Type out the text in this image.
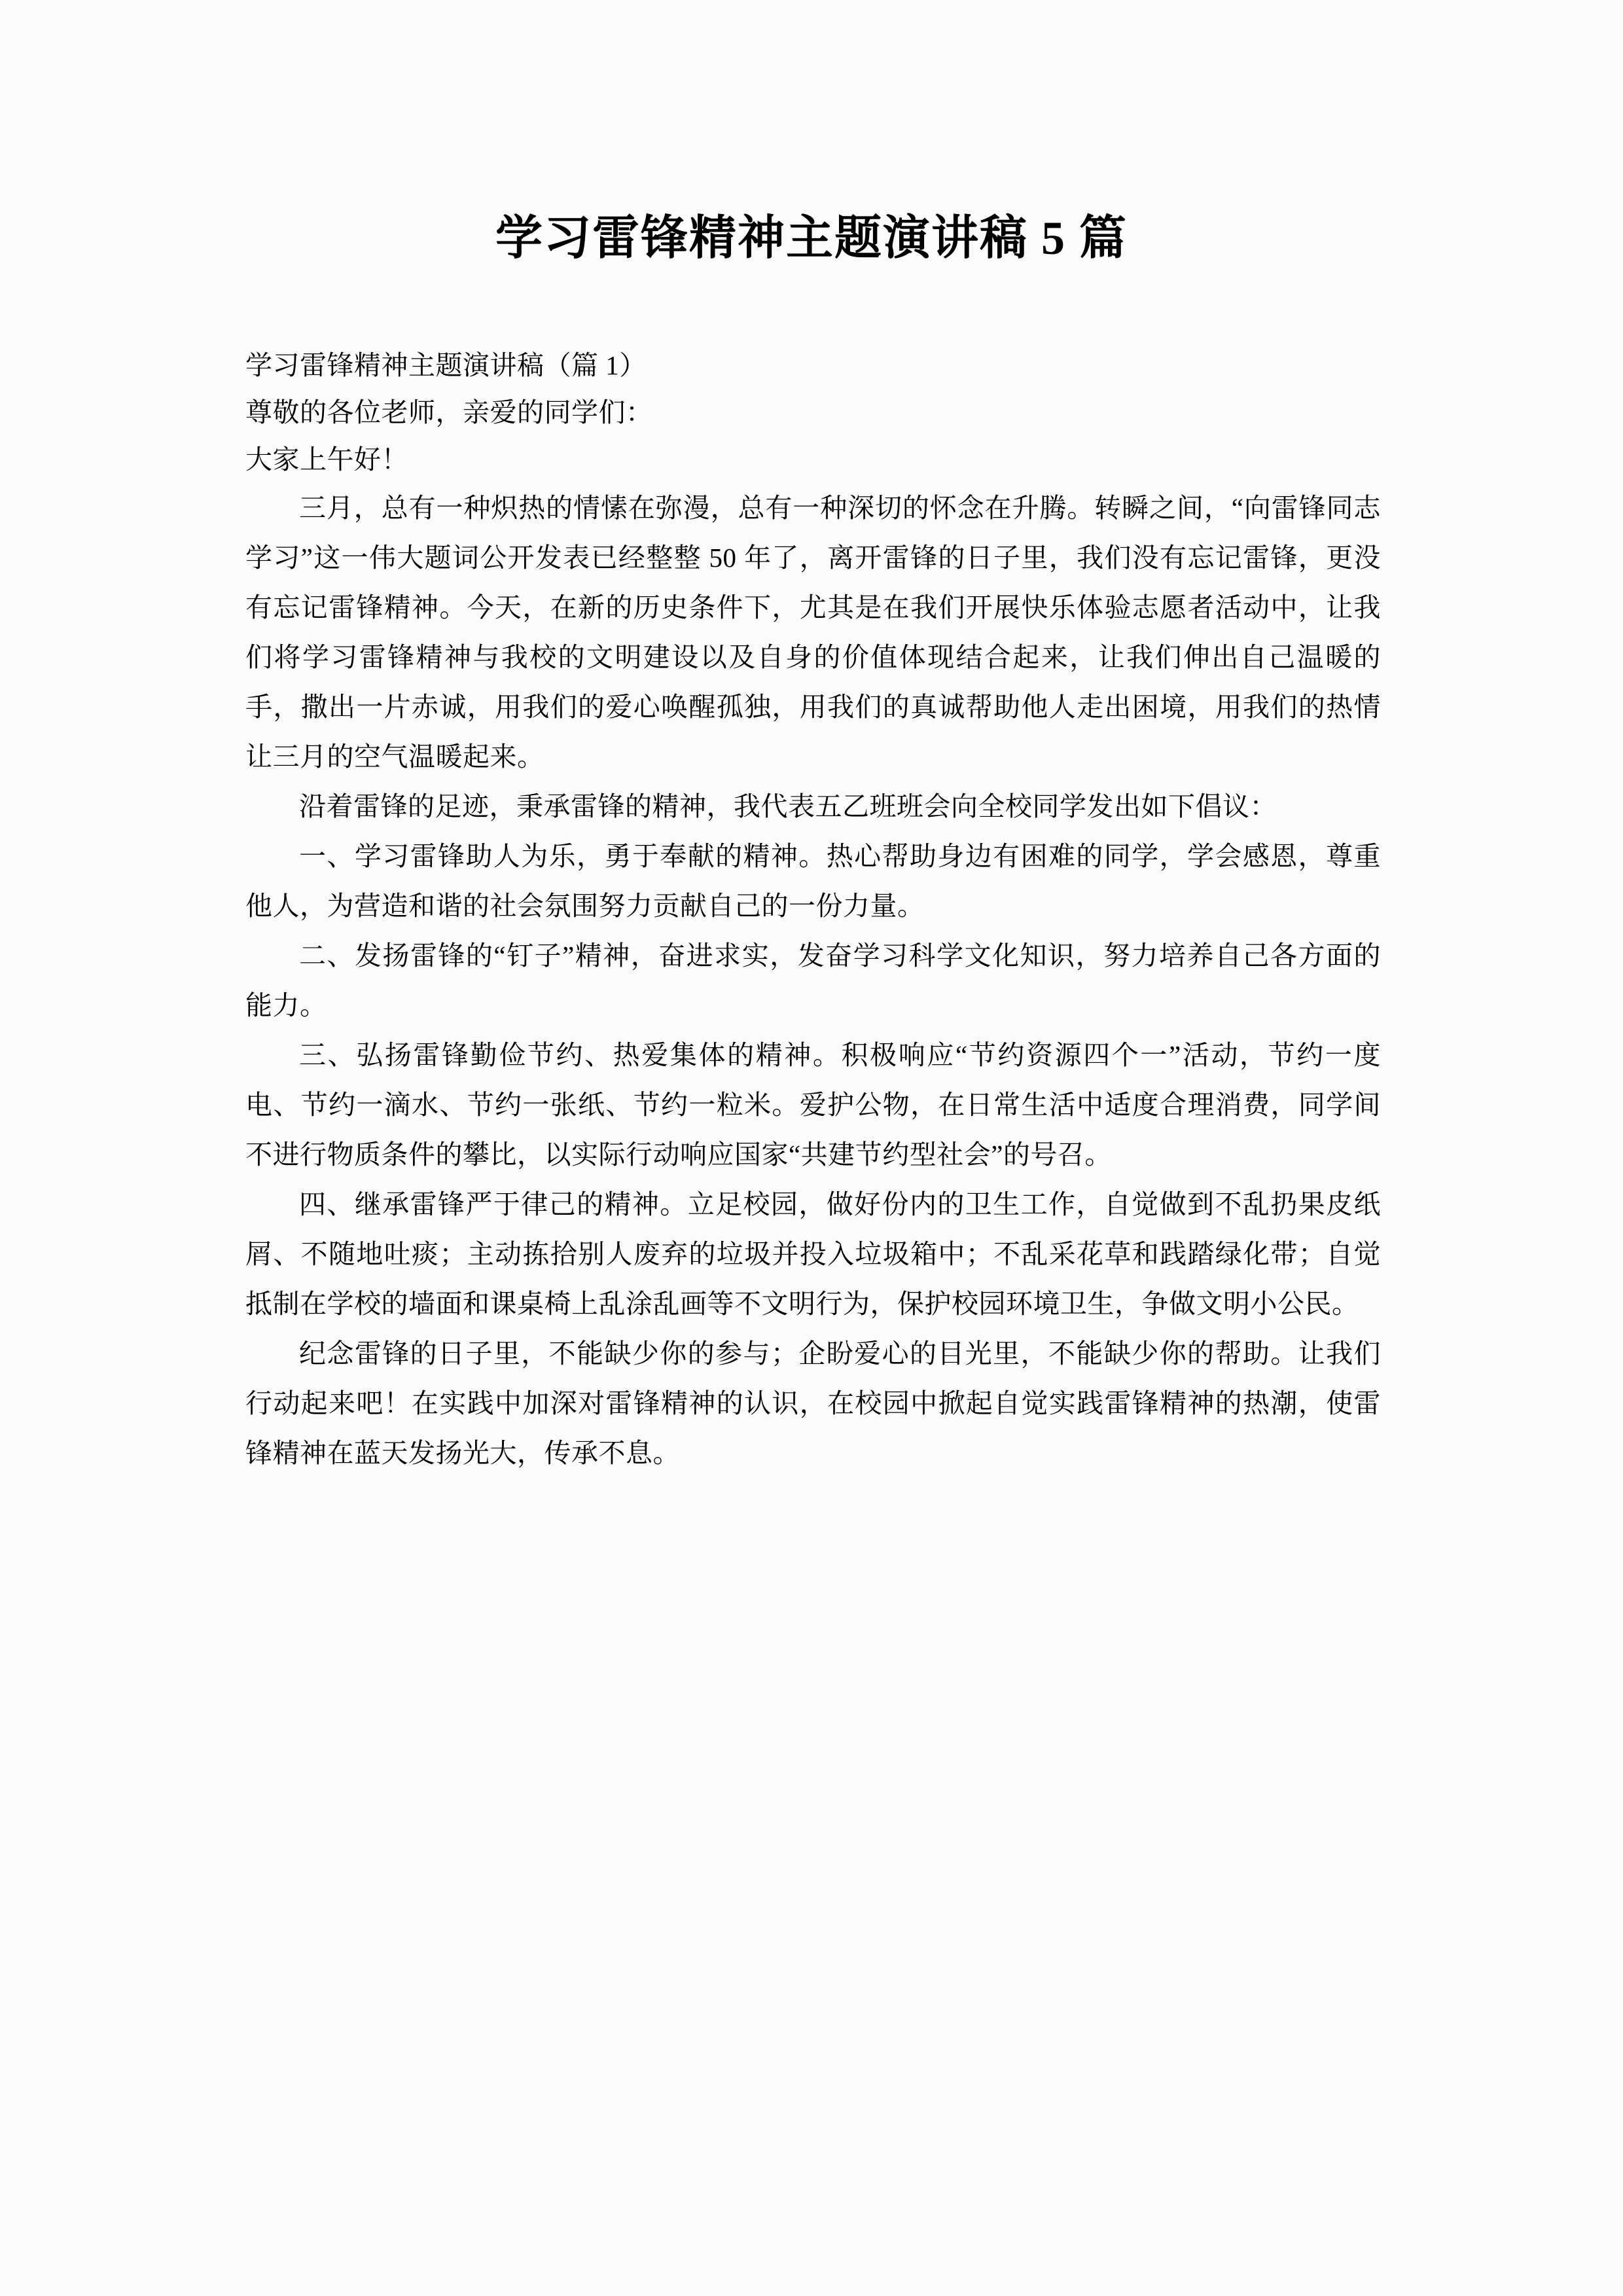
学习雷锋精神主题演讲稿 5 篇

学习雷锋精神主题演讲稿（篇 1）

尊敬的各位老师，亲爱的同学们：

大家上午好！

三月，总有一种炽热的情愫在弥漫，总有一种深切的怀念在升腾。转瞬之间，“向雷锋同志学习”这一伟大题词公开发表已经整整 50 年了，离开雷锋的日子里，我们没有忘记雷锋，更没有忘记雷锋精神。今天，在新的历史条件下，尤其是在我们开展快乐体验志愿者活动中，让我们将学习雷锋精神与我校的文明建设以及自身的价值体现结合起来，让我们伸出自己温暖的手，撒出一片赤诚，用我们的爱心唤醒孤独，用我们的真诚帮助他人走出困境，用我们的热情让三月的空气温暖起来。

沿着雷锋的足迹，秉承雷锋的精神，我代表五乙班班会向全校同学发出如下倡议：

一、学习雷锋助人为乐，勇于奉献的精神。热心帮助身边有困难的同学，学会感恩，尊重他人，为营造和谐的社会氛围努力贡献自己的一份力量。

二、发扬雷锋的“钉子”精神，奋进求实，发奋学习科学文化知识，努力培养自己各方面的能力。

三、弘扬雷锋勤俭节约、热爱集体的精神。积极响应“节约资源四个一”活动，节约一度电、节约一滴水、节约一张纸、节约一粒米。爱护公物，在日常生活中适度合理消费，同学间不进行物质条件的攀比，以实际行动响应国家“共建节约型社会”的号召。

四、继承雷锋严于律己的精神。立足校园，做好份内的卫生工作，自觉做到不乱扔果皮纸屑、不随地吐痰；主动拣拾别人废弃的垃圾并投入垃圾箱中；不乱采花草和践踏绿化带；自觉抵制在学校的墙面和课桌椅上乱涂乱画等不文明行为，保护校园环境卫生，争做文明小公民。

纪念雷锋的日子里，不能缺少你的参与；企盼爱心的目光里，不能缺少你的帮助。让我们行动起来吧！在实践中加深对雷锋精神的认识，在校园中掀起自觉实践雷锋精神的热潮，使雷锋精神在蓝天发扬光大，传承不息。
